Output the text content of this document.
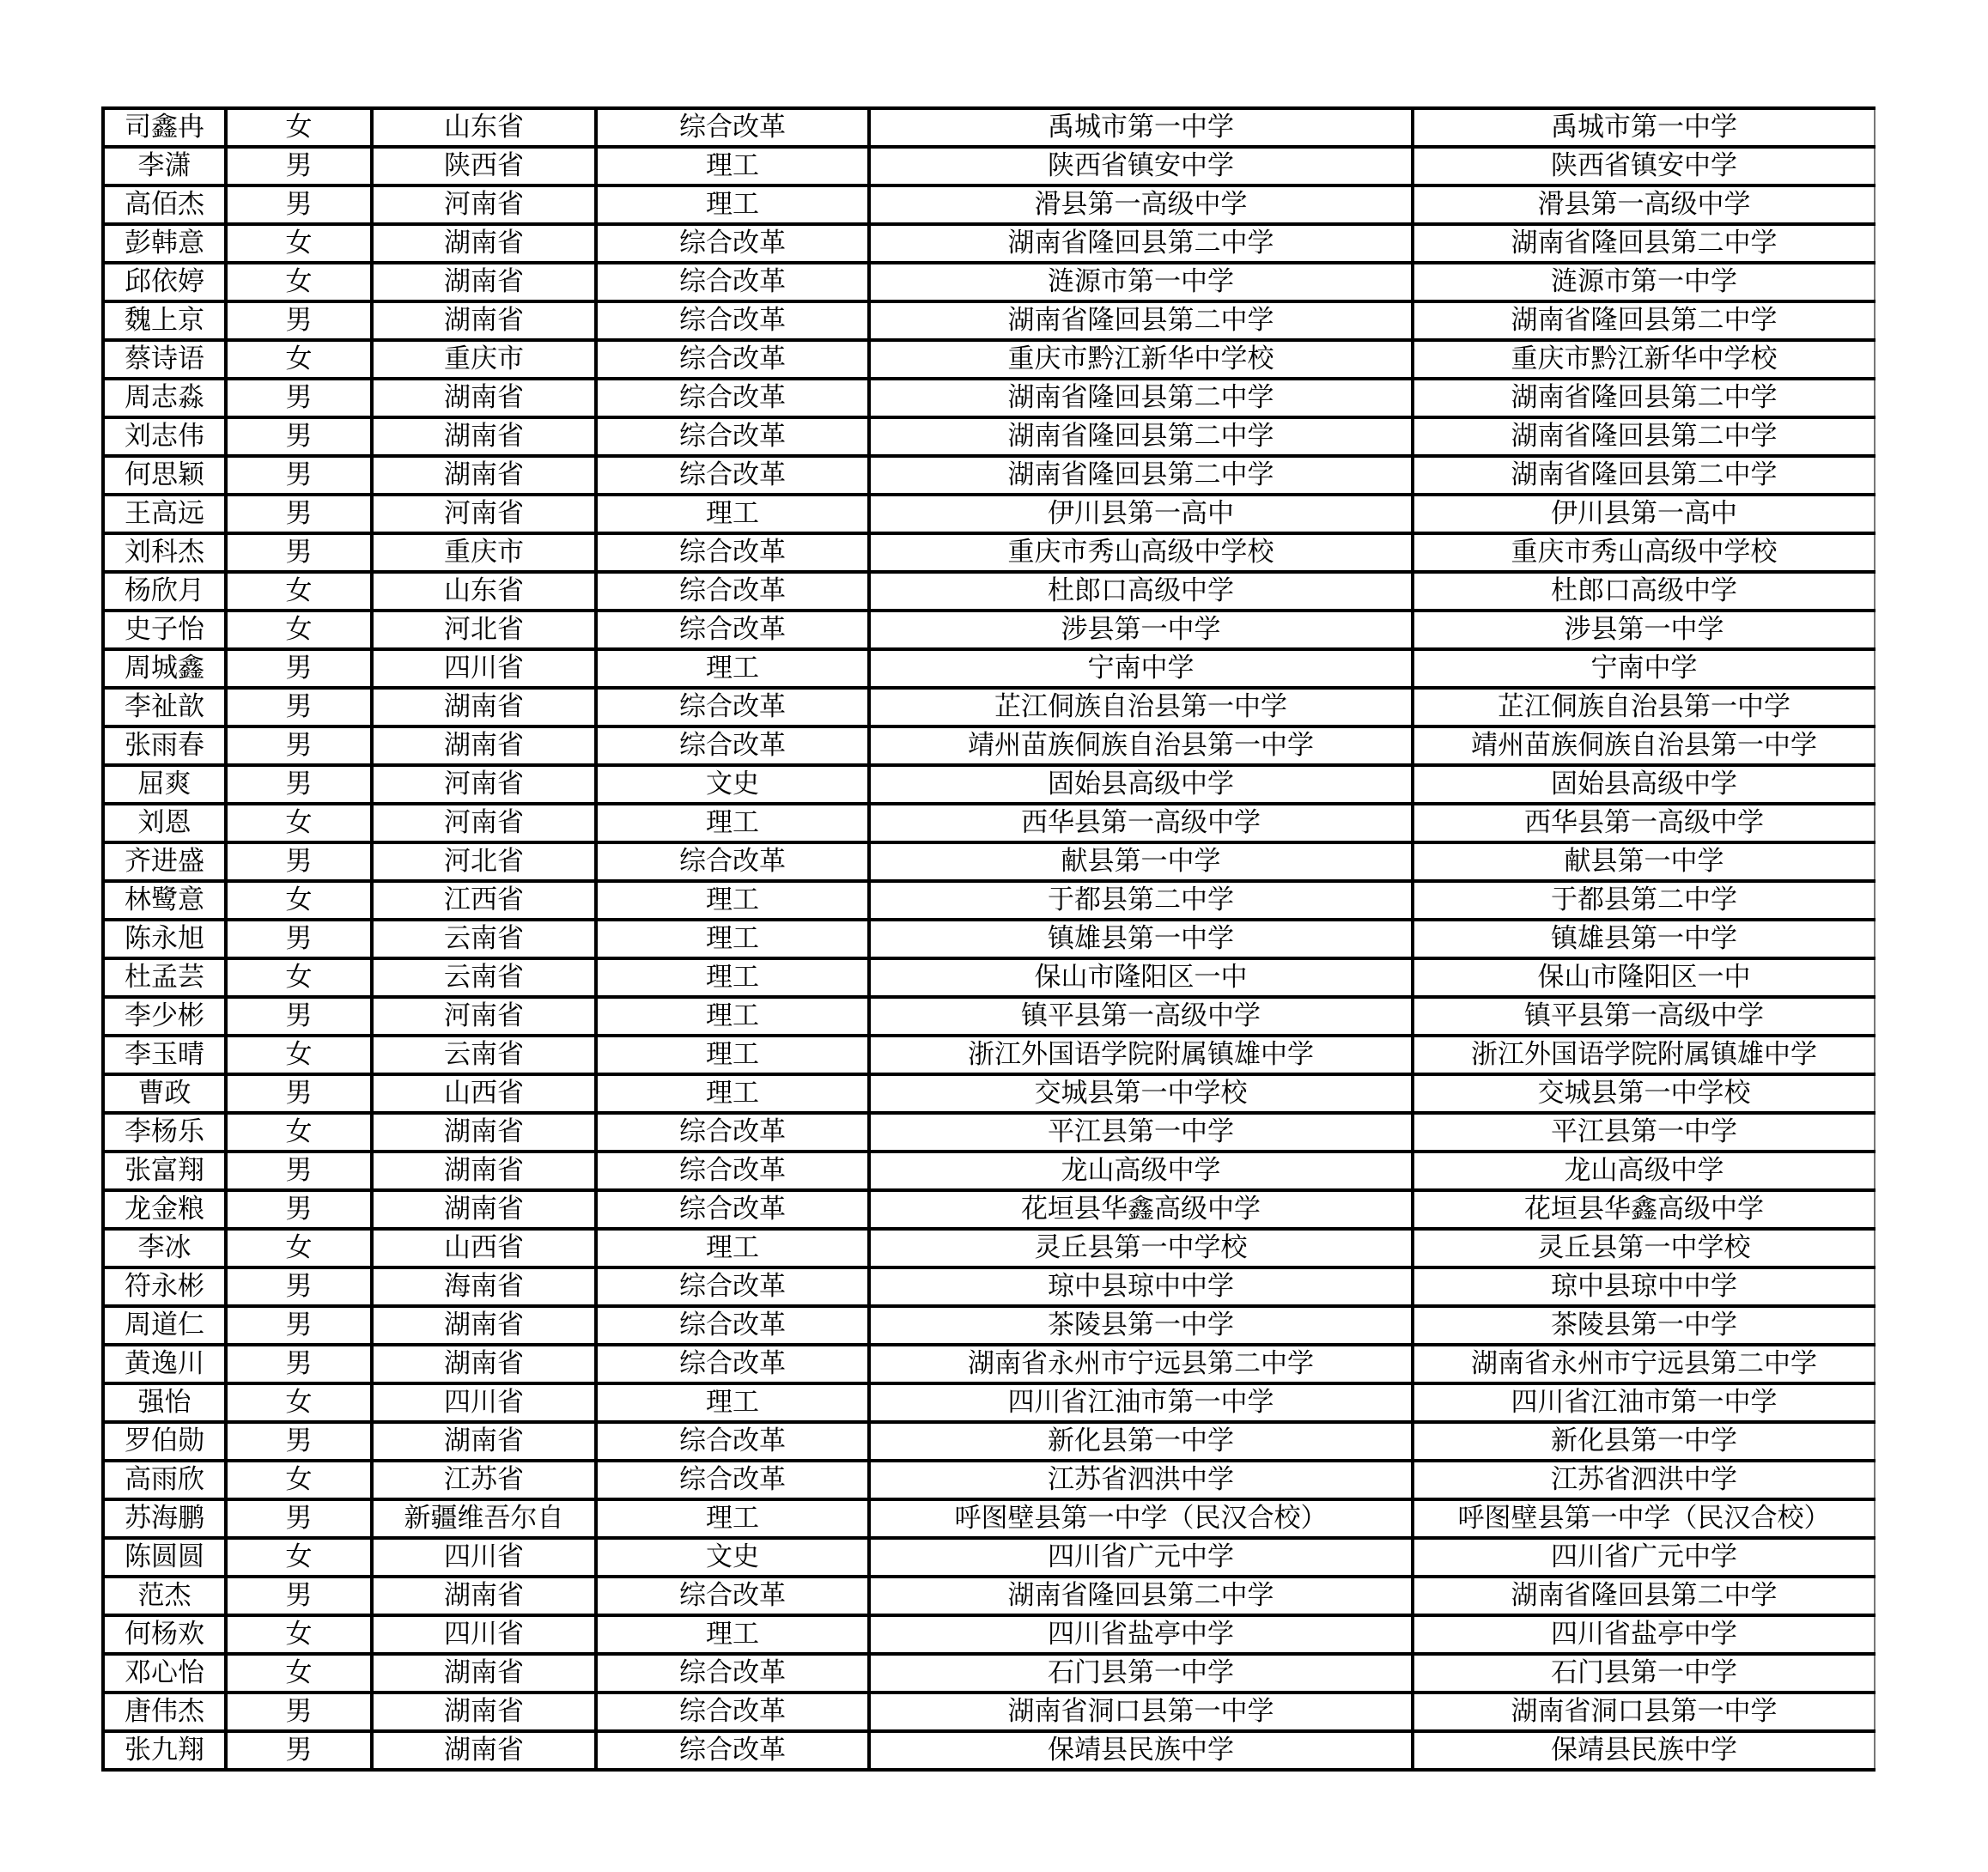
司鑫冉	女	山东省	综合改革	禹城市第一中学	禹城市第一中学
李潇	男	陕西省	理工	陕西省镇安中学	陕西省镇安中学
高佰杰	男	河南省	理工	滑县第一高级中学	滑县第一高级中学
彭韩意	女	湖南省	综合改革	湖南省隆回县第二中学	湖南省隆回县第二中学
邱依婷	女	湖南省	综合改革	涟源市第一中学	涟源市第一中学
魏上京	男	湖南省	综合改革	湖南省隆回县第二中学	湖南省隆回县第二中学
蔡诗语	女	重庆市	综合改革	重庆市黔江新华中学校	重庆市黔江新华中学校
周志淼	男	湖南省	综合改革	湖南省隆回县第二中学	湖南省隆回县第二中学
刘志伟	男	湖南省	综合改革	湖南省隆回县第二中学	湖南省隆回县第二中学
何思颖	男	湖南省	综合改革	湖南省隆回县第二中学	湖南省隆回县第二中学
王高远	男	河南省	理工	伊川县第一高中	伊川县第一高中
刘科杰	男	重庆市	综合改革	重庆市秀山高级中学校	重庆市秀山高级中学校
杨欣月	女	山东省	综合改革	杜郎口高级中学	杜郎口高级中学
史子怡	女	河北省	综合改革	涉县第一中学	涉县第一中学
周城鑫	男	四川省	理工	宁南中学	宁南中学
李祉歆	男	湖南省	综合改革	芷江侗族自治县第一中学	芷江侗族自治县第一中学
张雨春	男	湖南省	综合改革	靖州苗族侗族自治县第一中学	靖州苗族侗族自治县第一中学
屈爽	男	河南省	文史	固始县高级中学	固始县高级中学
刘恩	女	河南省	理工	西华县第一高级中学	西华县第一高级中学
齐进盛	男	河北省	综合改革	献县第一中学	献县第一中学
林鹭意	女	江西省	理工	于都县第二中学	于都县第二中学
陈永旭	男	云南省	理工	镇雄县第一中学	镇雄县第一中学
杜孟芸	女	云南省	理工	保山市隆阳区一中	保山市隆阳区一中
李少彬	男	河南省	理工	镇平县第一高级中学	镇平县第一高级中学
李玉晴	女	云南省	理工	浙江外国语学院附属镇雄中学	浙江外国语学院附属镇雄中学
曹政	男	山西省	理工	交城县第一中学校	交城县第一中学校
李杨乐	女	湖南省	综合改革	平江县第一中学	平江县第一中学
张富翔	男	湖南省	综合改革	龙山高级中学	龙山高级中学
龙金粮	男	湖南省	综合改革	花垣县华鑫高级中学	花垣县华鑫高级中学
李冰	女	山西省	理工	灵丘县第一中学校	灵丘县第一中学校
符永彬	男	海南省	综合改革	琼中县琼中中学	琼中县琼中中学
周道仁	男	湖南省	综合改革	茶陵县第一中学	茶陵县第一中学
黄逸川	男	湖南省	综合改革	湖南省永州市宁远县第二中学	湖南省永州市宁远县第二中学
强怡	女	四川省	理工	四川省江油市第一中学	四川省江油市第一中学
罗伯勋	男	湖南省	综合改革	新化县第一中学	新化县第一中学
高雨欣	女	江苏省	综合改革	江苏省泗洪中学	江苏省泗洪中学
苏海鹏	男	新疆维吾尔自	理工	呼图壁县第一中学（民汉合校）	呼图壁县第一中学（民汉合校）
陈圆圆	女	四川省	文史	四川省广元中学	四川省广元中学
范杰	男	湖南省	综合改革	湖南省隆回县第二中学	湖南省隆回县第二中学
何杨欢	女	四川省	理工	四川省盐亭中学	四川省盐亭中学
邓心怡	女	湖南省	综合改革	石门县第一中学	石门县第一中学
唐伟杰	男	湖南省	综合改革	湖南省洞口县第一中学	湖南省洞口县第一中学
张九翔	男	湖南省	综合改革	保靖县民族中学	保靖县民族中学
